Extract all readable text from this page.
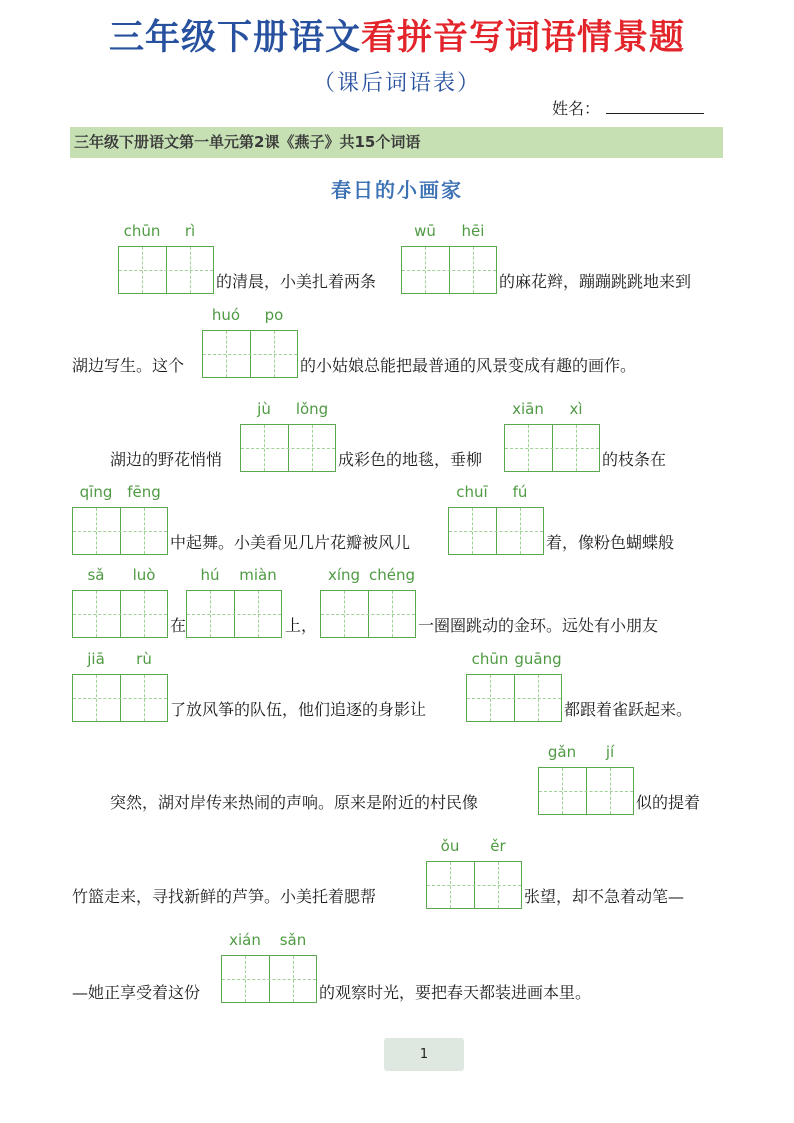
三年级下册语文看拼音写词语情景题
（课后词语表）
姓名：
三年级下册语文第一单元第2课《燕子》共15个词语
春日的小画家
chūn	rì
的清晨，小美扎着两条
wū	hēi
的麻花辫，蹦蹦跳跳地来到
湖边写生。这个
huó	po
的小姑娘总能把最普通的风景变成有趣的画作。
湖边的野花悄悄
jù	lǒng
成彩色的地毯，垂柳
xiān	xì
的枝条在
qīng fēng
中起舞。小美看见几片花瓣被风儿
chuī	fú
着，像粉色蝴蝶般
sǎ	luò
在
hú	miàn
上，
xíng chéng
一圈圈跳动的金环。远处有小朋友
jiā	rù
了放风筝的队伍，他们追逐的身影让
chūn guāng
都跟着雀跃起来。
突然，湖对岸传来热闹的声响。原来是附近的村民像
gǎn	jí
似的提着
竹篮走来，寻找新鲜的芦笋。小美托着腮帮
ǒu	ěr
张望，却不急着动笔—
—她正享受着这份
xián	sǎn
的观察时光，要把春天都装进画本里。
1
